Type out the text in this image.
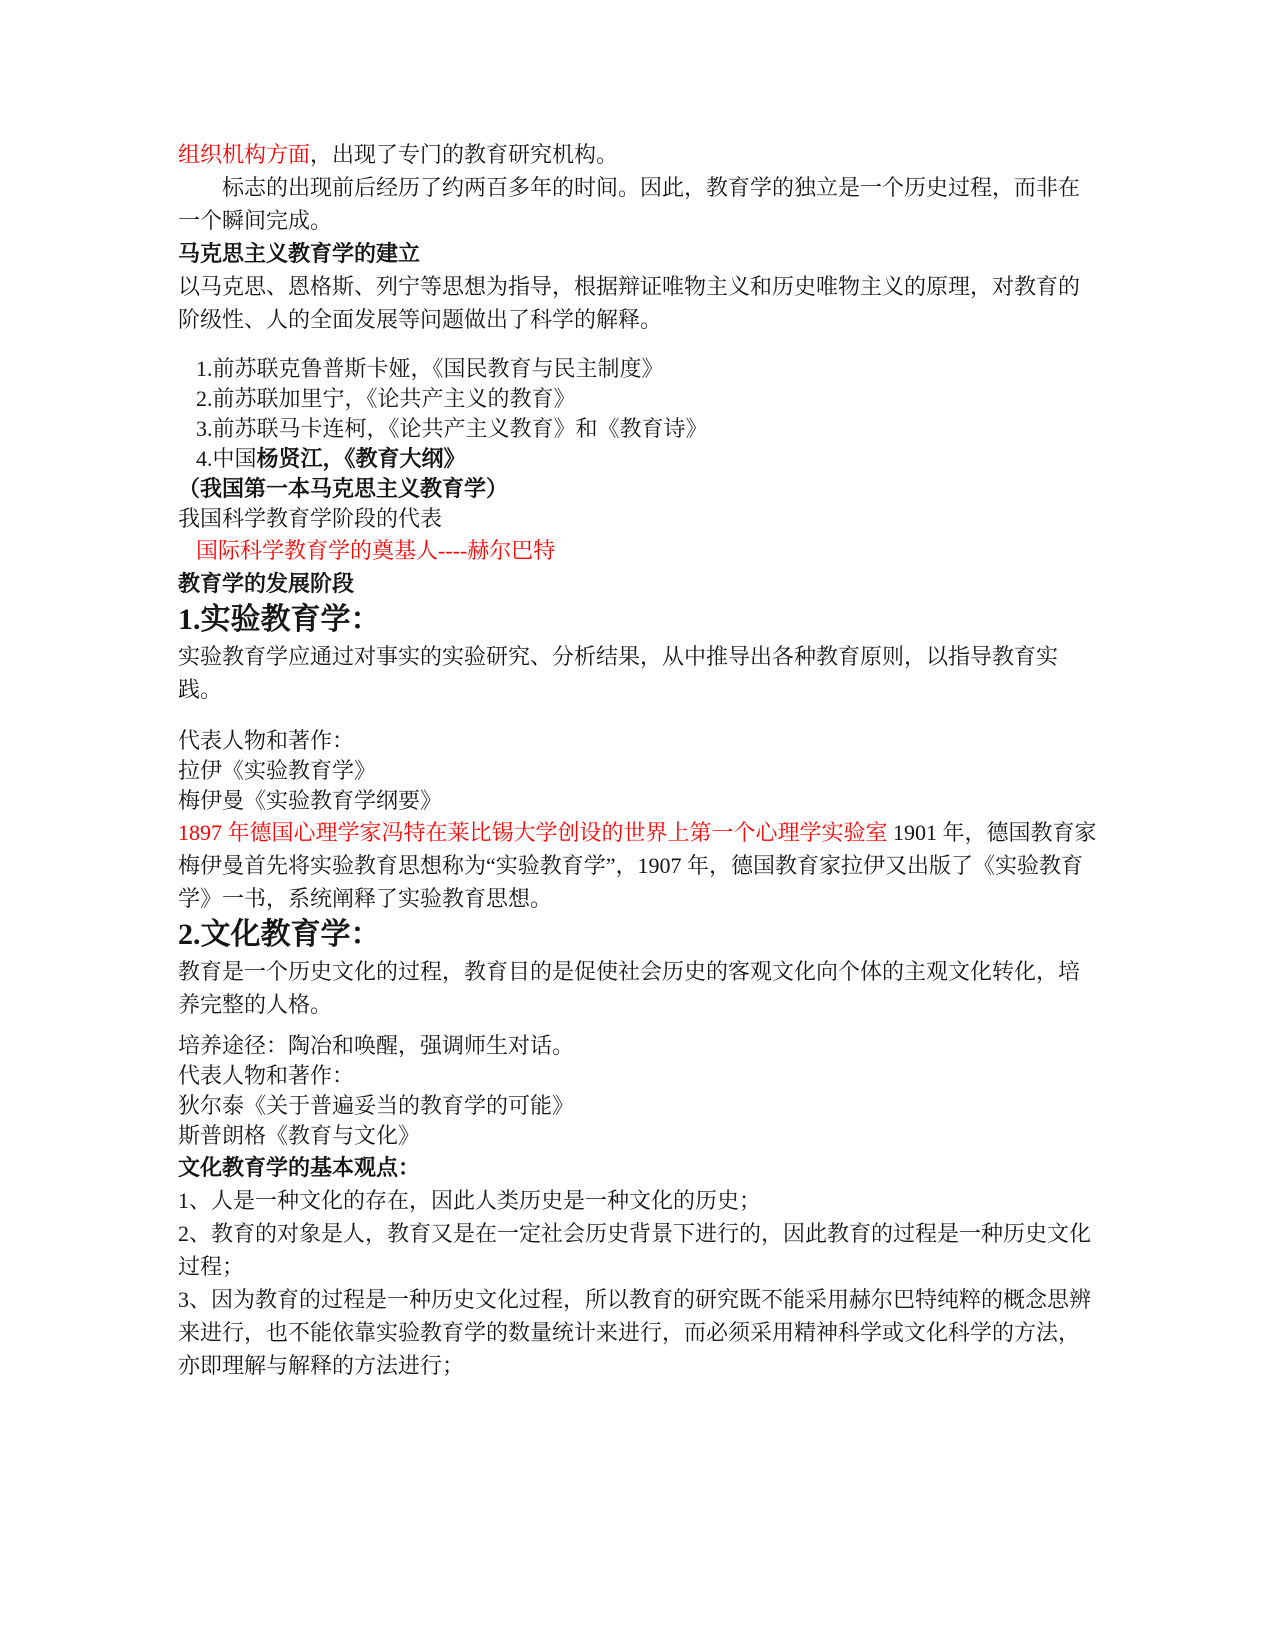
组织机构方面，出现了专门的教育研究机构。

标志的出现前后经历了约两百多年的时间。因此，教育学的独立是一个历史过程，而非在一个瞬间完成。

马克思主义教育学的建立

以马克思、恩格斯、列宁等思想为指导，根据辩证唯物主义和历史唯物主义的原理，对教育的阶级性、人的全面发展等问题做出了科学的解释。

1.前苏联克鲁普斯卡娅，《国民教育与民主制度》

2.前苏联加里宁，《论共产主义的教育》

3.前苏联马卡连柯，《论共产主义教育》和《教育诗》

4.中国杨贤江，《教育大纲》

（我国第一本马克思主义教育学）

我国科学教育学阶段的代表

国际科学教育学的奠基人----赫尔巴特

教育学的发展阶段

1.实验教育学：

实验教育学应通过对事实的实验研究、分析结果，从中推导出各种教育原则，以指导教育实践。

代表人物和著作：

拉伊《实验教育学》

梅伊曼《实验教育学纲要》

1897 年德国心理学家冯特在莱比锡大学创设的世界上第一个心理学实验室 1901 年，德国教育家梅伊曼首先将实验教育思想称为“实验教育学”，1907 年，德国教育家拉伊又出版了《实验教育学》一书，系统阐释了实验教育思想。

2.文化教育学：

教育是一个历史文化的过程，教育目的是促使社会历史的客观文化向个体的主观文化转化，培养完整的人格。

培养途径：陶冶和唤醒，强调师生对话。

代表人物和著作：

狄尔泰《关于普遍妥当的教育学的可能》

斯普朗格《教育与文化》

文化教育学的基本观点：

1、人是一种文化的存在，因此人类历史是一种文化的历史；

2、教育的对象是人，教育又是在一定社会历史背景下进行的，因此教育的过程是一种历史文化过程；

3、因为教育的过程是一种历史文化过程，所以教育的研究既不能采用赫尔巴特纯粹的概念思辨来进行，也不能依靠实验教育学的数量统计来进行，而必须采用精神科学或文化科学的方法，亦即理解与解释的方法进行；
